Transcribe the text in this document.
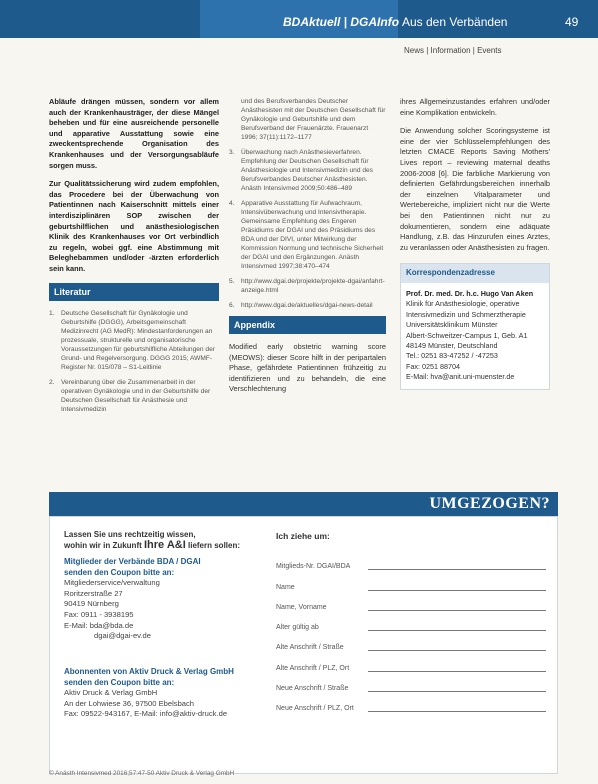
BDAktuell | DGAInfo Aus den Verbänden	49
News | Information | Events

Abläufe drängen müssen, sondern vor allem auch der Krankenhausträger, der diese Mängel beheben und für eine ausreichende personelle und apparative Ausstattung sowie eine zweckentsprechende Organisation des Krankenhauses und der Versorgungsabläufe sorgen muss.

Zur Qualitätssicherung wird zudem empfohlen, das Procedere bei der Überwachung von Patientinnen nach Kaiserschnitt mittels einer interdisziplinären SOP zwischen der geburtshilflichen und anästhesiologischen Klinik des Krankenhauses vor Ort verbindlich zu regeln, wobei ggf. eine Abstimmung mit Beleghebammen und/oder -ärzten erforderlich sein kann.

Literatur
1. Deutsche Gesellschaft für Gynäkologie und Geburtshilfe (DGGG), Arbeitsgemeinschaft Medizinrecht (AG MedR): Mindestanforderungen an prozessuale, strukturelle und organisatorische Voraussetzungen für geburtshilfliche Abteilungen der Grund- und Regelversorgung. DGGG 2015; AWMF-Register Nr. 015/078 – S1-Leitlinie
2. Vereinbarung über die Zusammenarbeit in der operativen Gynäkologie und in der Geburtshilfe der Deutschen Gesellschaft für Anästhesie und Intensivmedizin
und des Berufsverbandes Deutscher Anästhesisten mit der Deutschen Gesellschaft für Gynäkologie und Geburtshilfe und dem Berufsverband der Frauenärzte. Frauenarzt 1996; 37(11):1172–1177
3. Überwachung nach Anästhesieverfahren. Empfehlung der Deutschen Gesellschaft für Anästhesiologie und Intensivmedizin und des Berufsverbandes Deutscher Anästhesisten. Anästh Intensivmed 2009;50:486–489
4. Apparative Ausstattung für Aufwachraum, Intensivüberwachung und Intensivtherapie. Gemeinsame Empfehlung des Engeren Präsidiums der DGAI und des Präsidiums des BDA und der DIVI, unter Mitwirkung der Kommission Normung und technische Sicherheit der DGAI und den Ergänzungen. Anästh Intensivmed 1997;38:470–474
5. http://www.dgai.de/projekte/projekte-dgai/anfahrt-anzeige.html
6. http://www.dgai.de/aktuelles/dgai-news-detail
Appendix

Modified early obstetric warning score (MEOWS): dieser Score hilft in der peripartalen Phase, gefährdete Patientinnen frühzeitig zu identifizieren und zu behandeln, die eine Verschlechterung

ihres Allgemeinzustandes erfahren und/oder eine Komplikation entwickeln.

Die Anwendung solcher Scoringsysteme ist eine der vier Schlüsselempfehlungen des letzten CMACE Reports Saving Mothers' Lives report – reviewing maternal deaths 2006-2008 [6]. Die farbliche Markierung von definierten Gefährdungsbereichen innerhalb der einzelnen Vitalparameter und Wertebereiche, impliziert nicht nur die Werte bei den Patientinnen nicht nur zu dokumentieren, sondern eine adäquate Handlung, z.B. das Hinzurufen eines Arztes, zu veranlassen oder Anästhesisten zu fragen.

Korrespondenzadresse
Prof. Dr. med. Dr. h.c. Hugo Van Aken
Klinik für Anästhesiologie, operative
Intensivmedizin und Schmerztherapie
Universitätsklinikum Münster
Albert-Schweitzer-Campus 1, Geb. A1
48149 Münster, Deutschland
Tel.: 0251 83-47252 / -47253
Fax: 0251 88704
E-Mail: hva@anit.uni-muenster.de
UMGEZOGEN?
Lassen Sie uns rechtzeitig wissen,
wohin wir in Zukunft Ihre A&I liefern sollen:
Mitglieder der Verbände BDA / DGAI
senden den Coupon bitte an:
Mitgliederservice/verwaltung
Roritzerstraße 27
90419 Nürnberg
Fax: 0911 - 3938195
E-Mail: bda@bda.de
dgai@dgai-ev.de
Abonnenten von Aktiv Druck & Verlag GmbH
senden den Coupon bitte an:
Aktiv Druck & Verlag GmbH
An der Lohwiese 36, 97500 Ebelsbach
Fax: 09522-943167, E-Mail: info@aktiv-druck.de
Ich ziehe um:
Mitglieds-Nr. DGAI/BDA
Name
Name, Vorname
Alter gültig ab
Alte Anschrift / Straße
Alte Anschrift / PLZ, Ort
Neue Anschrift / Straße
Neue Anschrift / PLZ, Ort
© Anästh Intensivmed 2016;57:47-50 Aktiv Druck & Verlag GmbH
